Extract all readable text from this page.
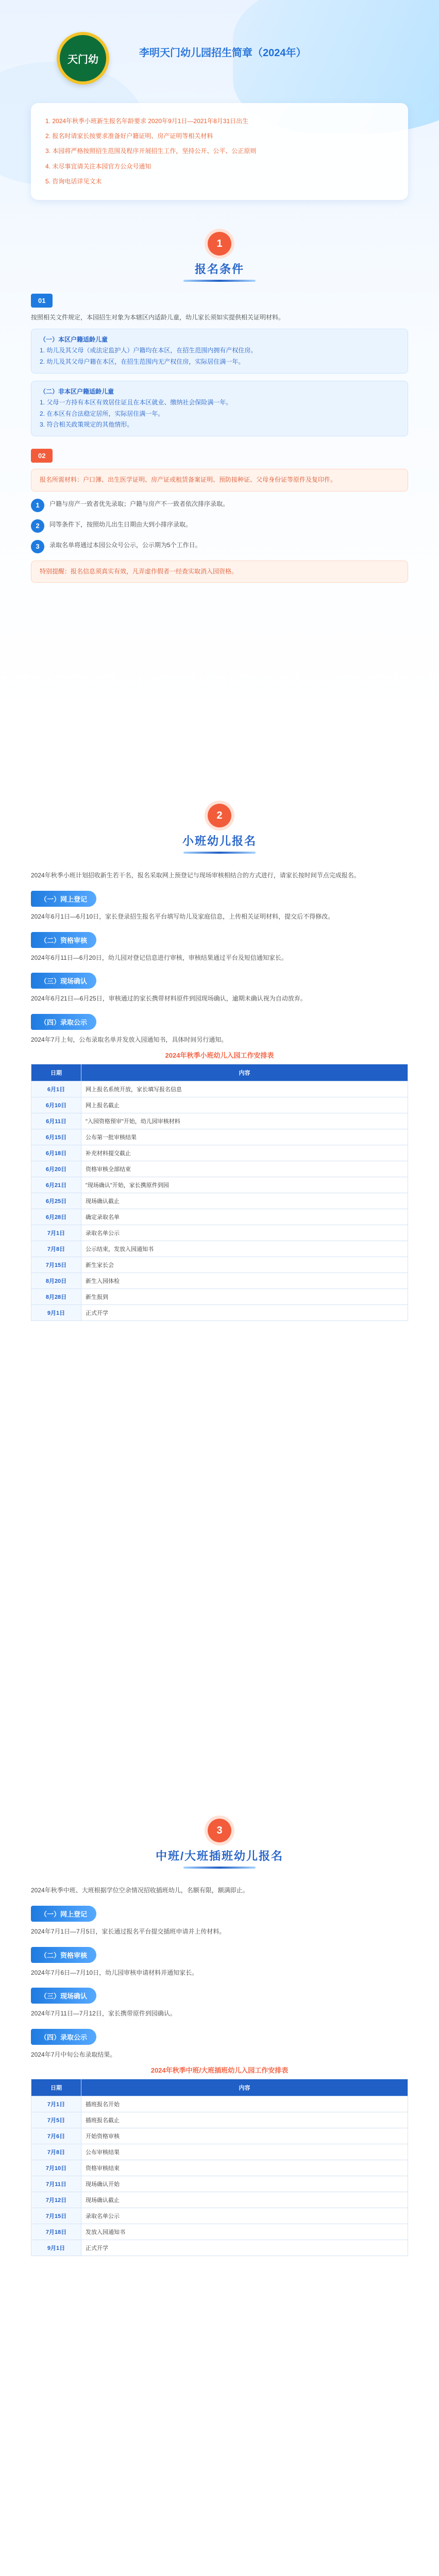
天门幼
李明天门幼儿园招生简章（2024年）

1. 2024年秋季小班新生报名年龄要求 2020年9月1日—2021年8月31日出生

2. 报名时请家长按要求准备好户籍证明、房产证明等相关材料

3. 本园将严格按照招生范围及程序开展招生工作，坚持公开、公平、公正原则

4. 未尽事宜请关注本园官方公众号通知

5. 咨询电话详见文末

1
报名条件
01

按照相关文件规定，本园招生对象为本辖区内适龄儿童，幼儿家长须如实提供相关证明材料。

（一）本区户籍适龄儿童
1. 幼儿及其父母（或法定监护人）户籍均在本区，在招生范围内拥有产权住房。
2. 幼儿及其父母户籍在本区，在招生范围内无产权住房，实际居住满一年。
（二）非本区户籍适龄儿童
1. 父母一方持有本区有效居住证且在本区就业、缴纳社会保险满一年。
2. 在本区有合法稳定居所，实际居住满一年。
3. 符合相关政策规定的其他情形。
02
报名所需材料：户口簿、出生医学证明、房产证或租赁备案证明、预防接种证、父母身份证等原件及复印件。
1	户籍与房产一致者优先录取；户籍与房产不一致者依次排序录取。
2	同等条件下，按照幼儿出生日期由大到小排序录取。
3	录取名单将通过本园公众号公示，公示期为5个工作日。
特别提醒：报名信息须真实有效，凡弄虚作假者一经查实取消入园资格。
2
小班幼儿报名

2024年秋季小班计划招收新生若干名，报名采取网上预登记与现场审核相结合的方式进行，请家长按时间节点完成报名。

（一）网上登记

2024年6月1日—6月10日，家长登录招生报名平台填写幼儿及家庭信息，上传相关证明材料，提交后不得修改。

（二）资格审核

2024年6月11日—6月20日，幼儿园对登记信息进行审核，审核结果通过平台及短信通知家长。

（三）现场确认

2024年6月21日—6月25日，审核通过的家长携带材料原件到园现场确认，逾期未确认视为自动放弃。

（四）录取公示

2024年7月上旬，公布录取名单并发放入园通知书，具体时间另行通知。

2024年秋季小班幼儿入园工作安排表
日期	内容
6月1日	网上报名系统开放，家长填写报名信息
6月10日	网上报名截止
6月11日	"入园资格预审"开始，幼儿园审核材料
6月15日	公布第一批审核结果
6月18日	补充材料提交截止
6月20日	资格审核全部结束
6月21日	"现场确认"开始，家长携原件到园
6月25日	现场确认截止
6月28日	确定录取名单
7月1日	录取名单公示
7月8日	公示结束，发放入园通知书
7月15日	新生家长会
8月20日	新生入园体检
8月28日	新生报到
9月1日	正式开学
3
中班/大班插班幼儿报名

2024年秋季中班、大班根据学位空余情况招收插班幼儿，名额有限，额满即止。

（一）网上登记

2024年7月1日—7月5日，家长通过报名平台提交插班申请并上传材料。

（二）资格审核

2024年7月6日—7月10日，幼儿园审核申请材料并通知家长。

（三）现场确认

2024年7月11日—7月12日，家长携带原件到园确认。

（四）录取公示

2024年7月中旬公布录取结果。

2024年秋季中班/大班插班幼儿入园工作安排表
日期	内容
7月1日	插班报名开始
7月5日	插班报名截止
7月6日	开始资格审核
7月8日	公布审核结果
7月10日	资格审核结束
7月11日	现场确认开始
7月12日	现场确认截止
7月15日	录取名单公示
7月18日	发放入园通知书
9月1日	正式开学
